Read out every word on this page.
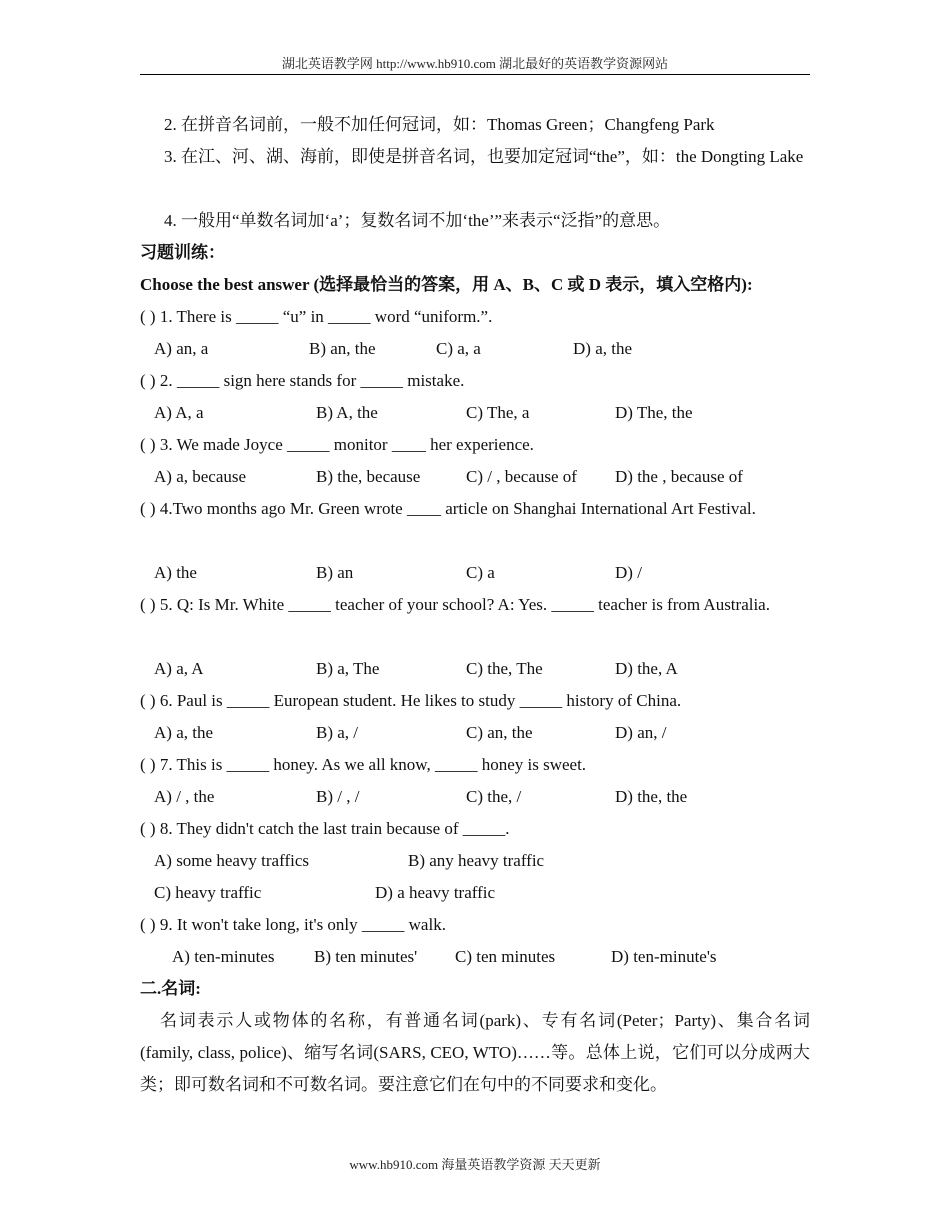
湖北英语教学网 http://www.hb910.com 湖北最好的英语教学资源网站
2. 在拼音名词前，一般不加任何冠词，如：Thomas Green；Changfeng Park
3. 在江、河、湖、海前，即使是拼音名词，也要加定冠词“the”，如：the Dongting Lake
4. 一般用“单数名词加‘a’；复数名词不加‘the’”来表示“泛指”的意思。
习题训练：
Choose the best answer (选择最恰当的答案，用 A、B、C 或 D 表示，填入空格内):
( ) 1. There is _____ “u” in _____ word “uniform.”.
A) an, a	B) an, the	C) a, a	D) a, the
( ) 2. _____ sign here stands for _____ mistake.
A) A, a	B) A, the	C) The, a	D) The, the
( ) 3. We made Joyce _____ monitor ____ her experience.
A) a, because	B) the, because	C) / , because of D) the , because of
( ) 4.Two months ago Mr. Green wrote ____ article on Shanghai International Art Festival.
A) the	B) an	C) a	D) /
( ) 5. Q: Is Mr. White _____ teacher of your school? A: Yes. _____ teacher is from Australia.
A) a, A	B) a, The	C) the, The	D) the, A
( ) 6. Paul is _____ European student. He likes to study _____ history of China.
A) a, the	B) a, /	C) an, the	D) an, /
( ) 7. This is _____ honey. As we all know, _____ honey is sweet.
A) / , the	B) / , /	C) the, /	D) the, the
( ) 8. They didn't catch the last train because of _____.
A) some heavy traffics	B) any heavy traffic
C) heavy traffic	D) a heavy traffic
( ) 9. It won't take long, it's only _____ walk.
A) ten-minutes B) ten minutes' C) ten minutes	D) ten-minute's
二.名词:
名词表示人或物体的名称，有普通名词(park)、专有名词(Peter；Party)、集合名词(family, class, police)、缩写名词(SARS, CEO, WTO)……等。总体上说，它们可以分成两大类；即可数名词和不可数名词。要注意它们在句中的不同要求和变化。
www.hb910.com 海量英语教学资源 天天更新
